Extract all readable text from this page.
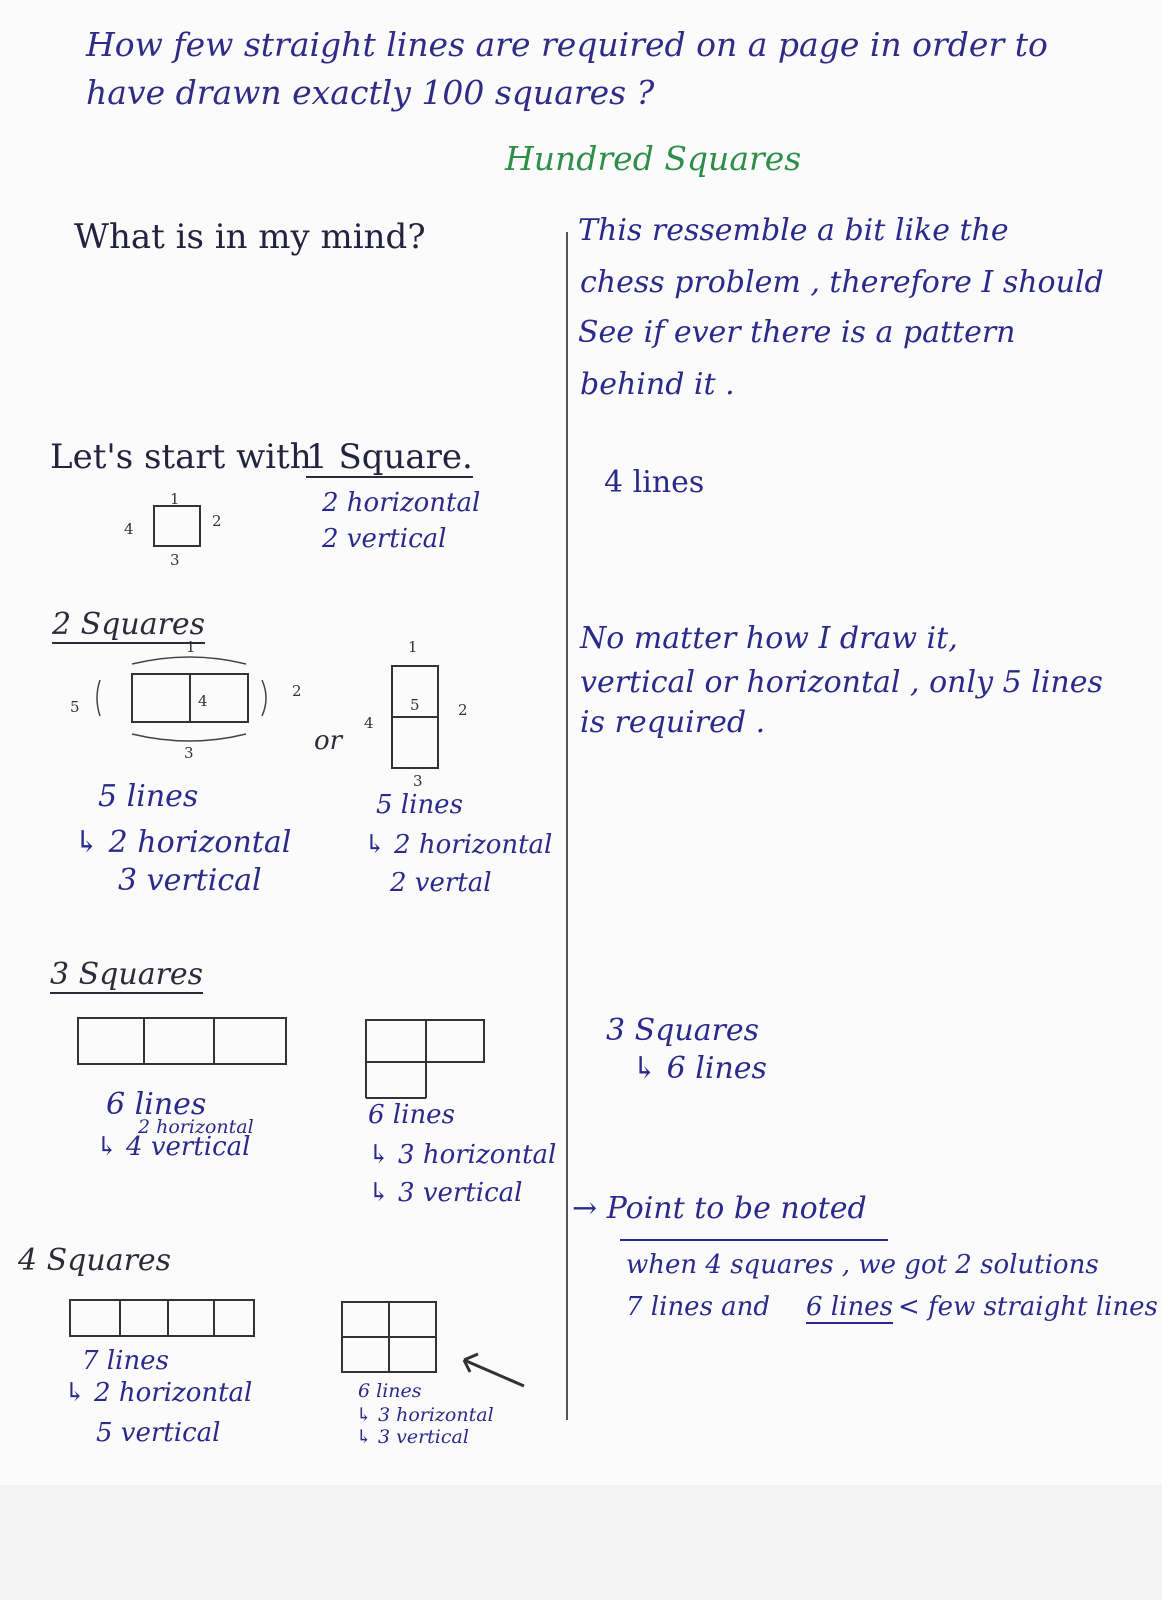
How few straight lines are required on a page in order to
have drawn exactly 100 squares ?
Hundred Squares
What is in my mind?
Let's start with
1 Square.
1
2
3
4
2 horizontal
2 vertical
2 Squares
1
2
3
4
5
or
1
2
3
4
5
5 lines
↳ 2 horizontal
3 vertical
5 lines
↳ 2 horizontal
2 vertal
3 Squares
6 lines
2 horizontal
↳ 4 vertical
6 lines
↳ 3 horizontal
↳ 3 vertical
4 Squares
7 lines
↳ 2 horizontal
5 vertical
6 lines
↳ 3 horizontal
↳ 3 vertical
This ressemble a bit like the
chess problem , therefore I should
See if ever there is a pattern
behind it .
4 lines
No matter how I draw it,
vertical or horizontal , only 5 lines
is required .
3 Squares
↳ 6 lines
→ Point to be noted
when 4 squares , we got 2 solutions
7 lines and 6 lines < few straight lines
